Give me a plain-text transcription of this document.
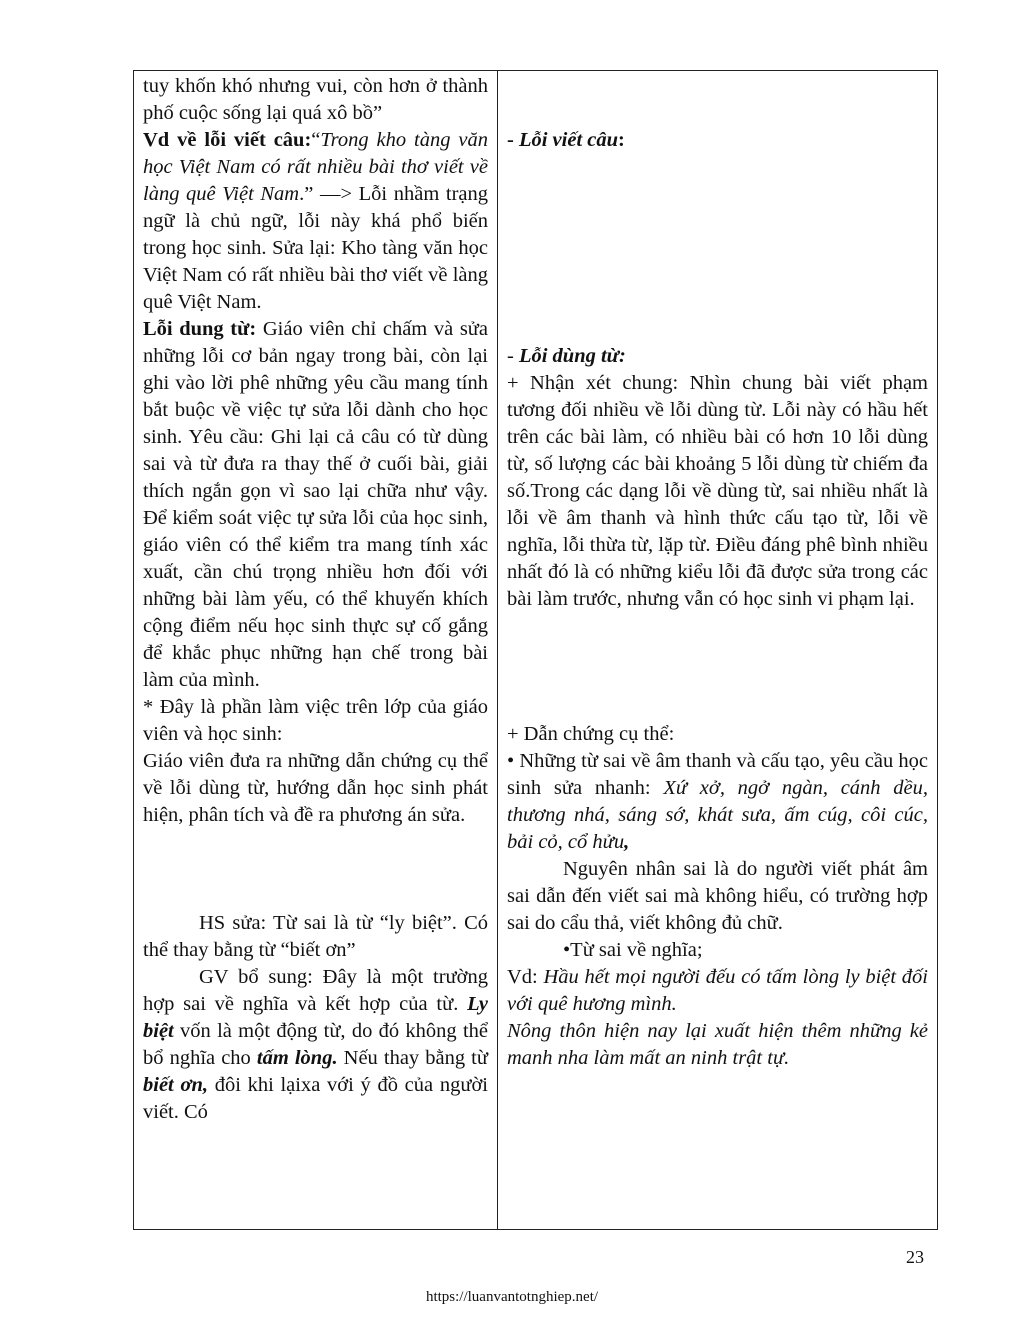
tuy khốn khó nhưng vui, còn hơn ở thành phố cuộc sống lại quá xô bồ”

Vd về lỗi viết câu:“Trong kho tàng văn học Việt Nam có rất nhiều bài thơ viết về làng quê Việt Nam.” —> Lỗi nhầm trạng ngữ là chủ ngữ, lỗi này khá phổ biến trong học sinh. Sửa lại: Kho tàng văn học Việt Nam có rất nhiều bài thơ viết về làng quê Việt Nam.

Lỗi dung từ: Giáo viên chỉ chấm và sửa những lỗi cơ bản ngay trong bài, còn lại ghi vào lời phê những yêu cầu mang tính bắt buộc về việc tự sửa lỗi dành cho học sinh. Yêu cầu: Ghi lại cả câu có từ dùng sai và từ đưa ra thay thế ở cuối bài, giải thích ngắn gọn vì sao lại chữa như vậy. Để kiểm soát việc tự sửa lỗi của học sinh, giáo viên có thể kiểm tra mang tính xác xuất, cần chú trọng nhiều hơn đối với những bài làm yếu, có thể khuyến khích cộng điểm nếu học sinh thực sự cố gắng để khắc phục những hạn chế trong bài làm của mình.

* Đây là phần làm việc trên lớp của giáo viên và học sinh:

Giáo viên đưa ra những dẫn chứng cụ thể về lỗi dùng từ, hướng dẫn học sinh phát hiện, phân tích và đề ra phương án sửa.

HS sửa: Từ sai là từ “ly biệt”. Có thể thay bằng từ “biết ơn”

GV bổ sung: Đây là một trường hợp sai về nghĩa và kết hợp của từ. Ly biệt vốn là một động từ, do đó không thể bổ nghĩa cho tấm lòng. Nếu thay bằng từ biết ơn, đôi khi lạixa với ý đồ của người viết. Có

- Lỗi viết câu:

- Lỗi dùng từ:

+ Nhận xét chung: Nhìn chung bài viết phạm tương đối nhiều về lỗi dùng từ. Lỗi này có hầu hết trên các bài làm, có nhiều bài có hơn 10 lỗi dùng từ, số lượng các bài khoảng 5 lỗi dùng từ chiếm đa số.Trong các dạng lỗi về dùng từ, sai nhiều nhất là lỗi về âm thanh và hình thức cấu tạo từ, lỗi về nghĩa, lỗi thừa từ, lặp từ. Điều đáng phê bình nhiều nhất đó là có những kiểu lỗi đã được sửa trong các bài làm trước, nhưng vẫn có học sinh vi phạm lại.

+ Dẫn chứng cụ thể:

• Những từ sai về âm thanh và cấu tạo, yêu cầu học sinh sửa nhanh: Xứ xở, ngở ngàn, cánh dều, thương nhá, sáng sớ, khát sưa, ấm cúg, côi cúc, bải cỏ, cổ hửu,

Nguyên nhân sai là do người viết phát âm sai dẫn đến viết sai mà không hiểu, có trường hợp sai do cẩu thả, viết không đủ chữ.

•Từ sai về nghĩa;

Vd: Hầu hết mọi người đếu có tấm lòng ly biệt đối với quê hương mình.

Nông thôn hiện nay lại xuất hiện thêm những kẻ manh nha làm mất an ninh trật tự.

23
https://luanvantotnghiep.net/
